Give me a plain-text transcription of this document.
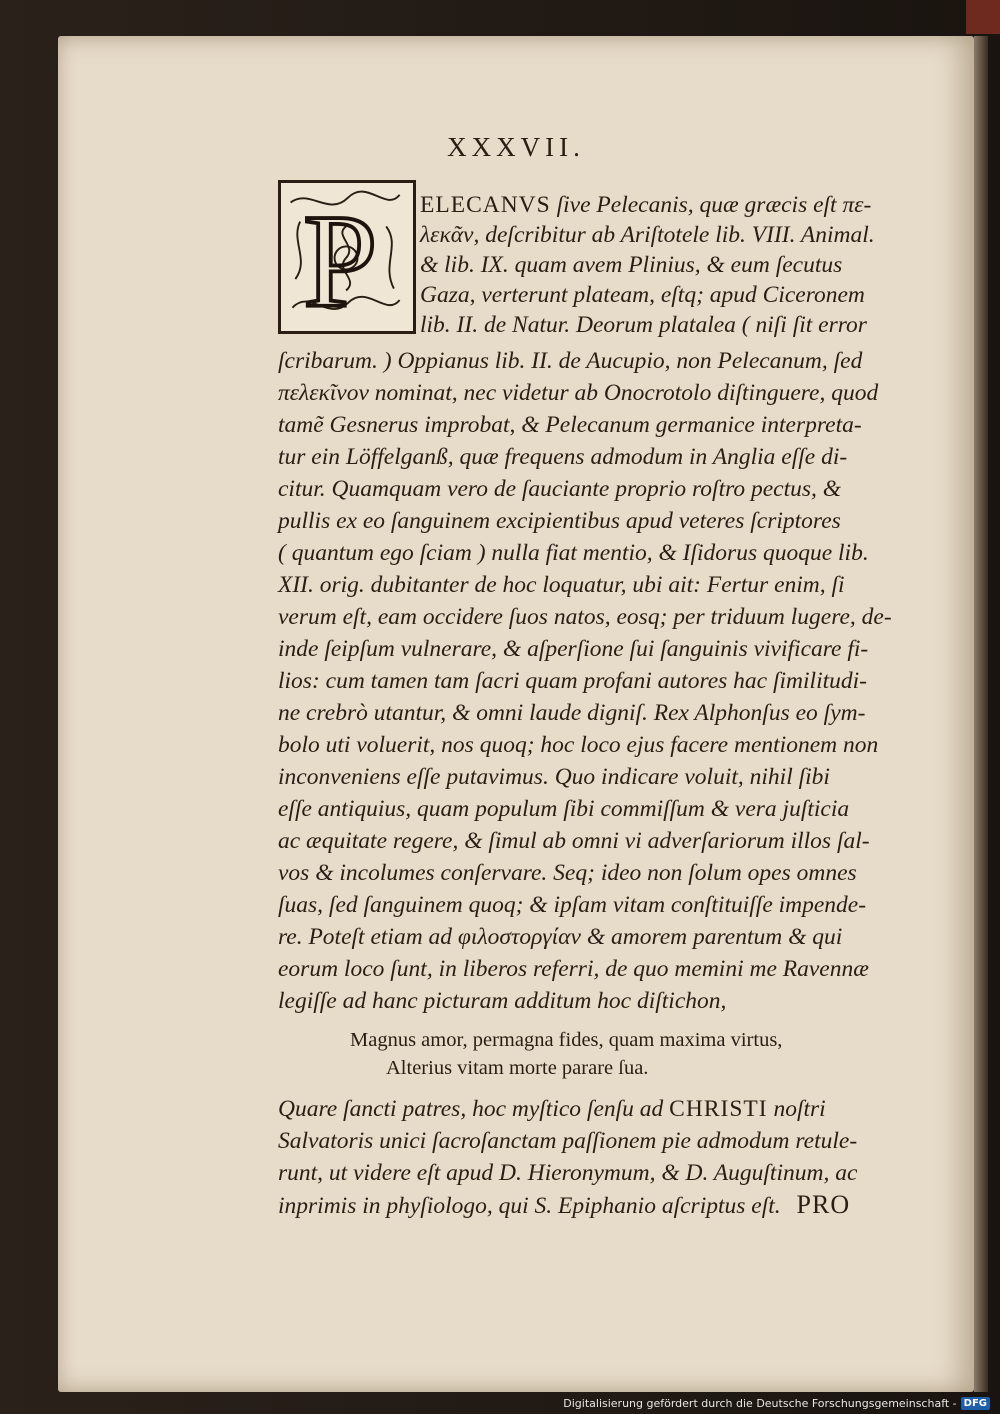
XXXVII.
P ELECANVS ſive Pelecanis, quæ græcis eſt πε-
λεκᾶν, deſcribitur ab Ariſtotele lib. VIII. Animal.
& lib. IX. quam avem Plinius, & eum ſecutus
Gaza, verterunt plateam, eſtq; apud Ciceronem
lib. II. de Natur. Deorum platalea ( niſi ſit error
ſcribarum. ) Oppianus lib. II. de Aucupio, non Pelecanum, ſed
πελεκῖνον nominat, nec videtur ab Onocrotolo diſtinguere, quod
tamẽ Gesnerus improbat, & Pelecanum germanice interpreta-
tur ein Löffelganß, quæ frequens admodum in Anglia eſſe di-
citur. Quamquam vero de ſauciante proprio roſtro pectus, &
pullis ex eo ſanguinem excipientibus apud veteres ſcriptores
( quantum ego ſciam ) nulla fiat mentio, & Iſidorus quoque lib.
XII. orig. dubitanter de hoc loquatur, ubi ait: Fertur enim, ſi
verum eſt, eam occidere ſuos natos, eosq; per triduum lugere, de-
inde ſeipſum vulnerare, & aſperſione ſui ſanguinis vivificare fi-
lios: cum tamen tam ſacri quam profani autores hac ſimilitudi-
ne crebrò utantur, & omni laude digniſ. Rex Alphonſus eo ſym-
bolo uti voluerit, nos quoq; hoc loco ejus facere mentionem non
inconveniens eſſe putavimus. Quo indicare voluit, nihil ſibi
eſſe antiquius, quam populum ſibi commiſſum & vera juſticia
ac æquitate regere, & ſimul ab omni vi adverſariorum illos ſal-
vos & incolumes conſervare. Seq; ideo non ſolum opes omnes
ſuas, ſed ſanguinem quoq; & ipſam vitam conſtituiſſe impende-
re. Poteſt etiam ad φιλοστοργίαν & amorem parentum & qui
eorum loco ſunt, in liberos referri, de quo memini me Ravennæ
legiſſe ad hanc picturam additum hoc diſtichon,
Magnus amor, permagna fides, quam maxima virtus,
Alterius vitam morte parare ſua.
Quare ſancti patres, hoc myſtico ſenſu ad CHRISTI noſtri
Salvatoris unici ſacroſanctam paſſionem pie admodum retule-
runt, ut videre eſt apud D. Hieronymum, & D. Auguſtinum, ac
inprimis in phyſiologo, qui S. Epiphanio aſcriptus eſt. PRO
Digitalisierung gefördert durch die Deutsche Forschungsgemeinschaft - DFG
